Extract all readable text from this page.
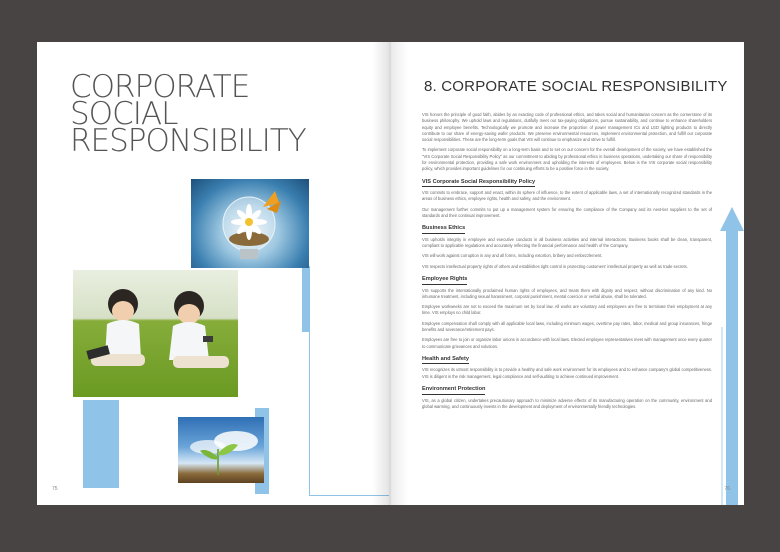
CORPORATE
SOCIAL
RESPONSIBILITY
75
8. CORPORATE SOCIAL RESPONSIBILITY

VIS honors the principle of good faith, abides by an exacting code of professional ethics, and takes social and humanitarian concern as the cornerstone of its business philosophy. We uphold laws and regulations, dutifully meet our tax-paying obligations, pursue sustainability, and continue to enhance shareholders equity and employee benefits. Technologically we promote and increase the proportion of power management ICs and LED lighting products to directly contribute to our share of energy-saving wafer products. We preserve environmental resources, implement environmental protection, and fulfill our corporate social responsibilities. These are the long-term goals that VIS will continue to emphasize and strive to fulfill.

To implement corporate social responsibility on a long-term basis and to set on our concern for the overall development of the society, we have established the "VIS Corporate Social Responsibility Policy" as our commitment to abiding by professional ethics in business operations, undertaking our share of responsibility for environmental protection, providing a safe work environment and upholding the interests of employees. Below is the VIS corporate social responsibility policy, which provides important guidelines for our continuing efforts to be a positive force in the society.

VIS Corporate Social Responsibility Policy

VIS commits to embrace, support and enact, within its sphere of influence, to the extent of applicable laws, a set of internationally recognized standards in the areas of business ethics, employee rights, health and safety, and the environment.

Our management further commits to put up a management system for ensuring the compliance of the Company and its next-tier suppliers to the set of standards and their continual improvement.

Business Ethics

VIS upholds integrity in employee and executive conducts in all business activities and internal interactions. Business books shall be clean, transparent, compliant to applicable regulations and accurately reflecting the financial performance and health of the Company.

VIS will work against corruption in any and all forms, including extortion, bribery and embezzlement.

VIS respects intellectual property rights of others and establishes tight control in protecting customers' intellectual property as well as trade secrets.

Employee Rights

VIS supports the internationally proclaimed human rights of employees, and treats them with dignity and respect, without discrimination of any kind. No inhumane treatment, including sexual harassment, corporal punishment, mental coercion or verbal abuse, shall be tolerated.

Employee workweeks are not to exceed the maximum set by local law. All works are voluntary and employees are free to terminate their employment at any time. VIS employs no child labor.

Employee compensation shall comply with all applicable local laws, including minimum wages, overtime pay rates, labor, medical and group insurances, fringe benefits and severance/retirement pays.

Employees are free to join or organize labor unions in accordance with local laws. Elected employee representatives meet with management once every quarter to communicate grievances and solutions.

Health and Safety

VIS recognizes its utmost responsibility is to provide a healthy and safe work environment for its employees and to enhance company's global competitiveness. VIS is diligent in the risk management, legal compliance and self-auditing to achieve continued improvement.

Environment Protection

VIS, as a global citizen, undertakes precautionary approach to minimize adverse effects of its manufacturing operation on the community, environment and global warming, and continuously invests in the development and deployment of environmentally friendly technologies.

76
